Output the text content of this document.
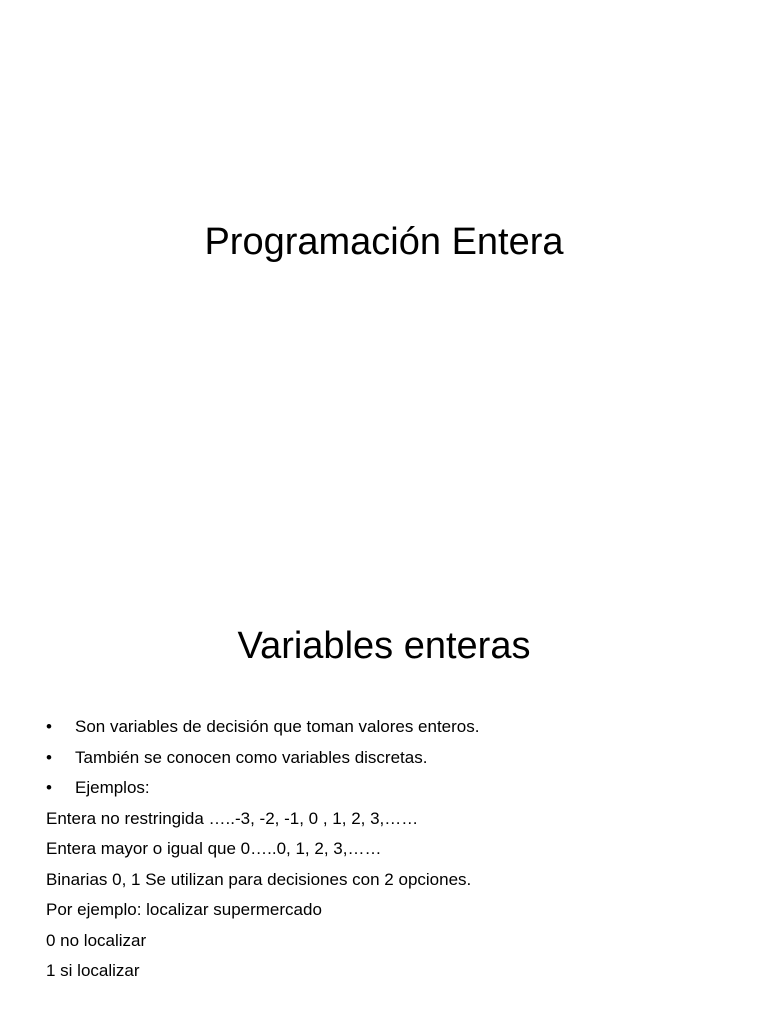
Programación Entera
Variables enteras
• Son variables de decisión que toman valores enteros.
• También se conocen como variables discretas.
• Ejemplos:
Entera no restringida …..-3, -2, -1, 0 , 1, 2, 3,……
Entera mayor o igual que 0…..0, 1, 2, 3,……
Binarias 0, 1 Se utilizan para decisiones con 2 opciones.
Por ejemplo: localizar supermercado
0 no localizar
1 si localizar
